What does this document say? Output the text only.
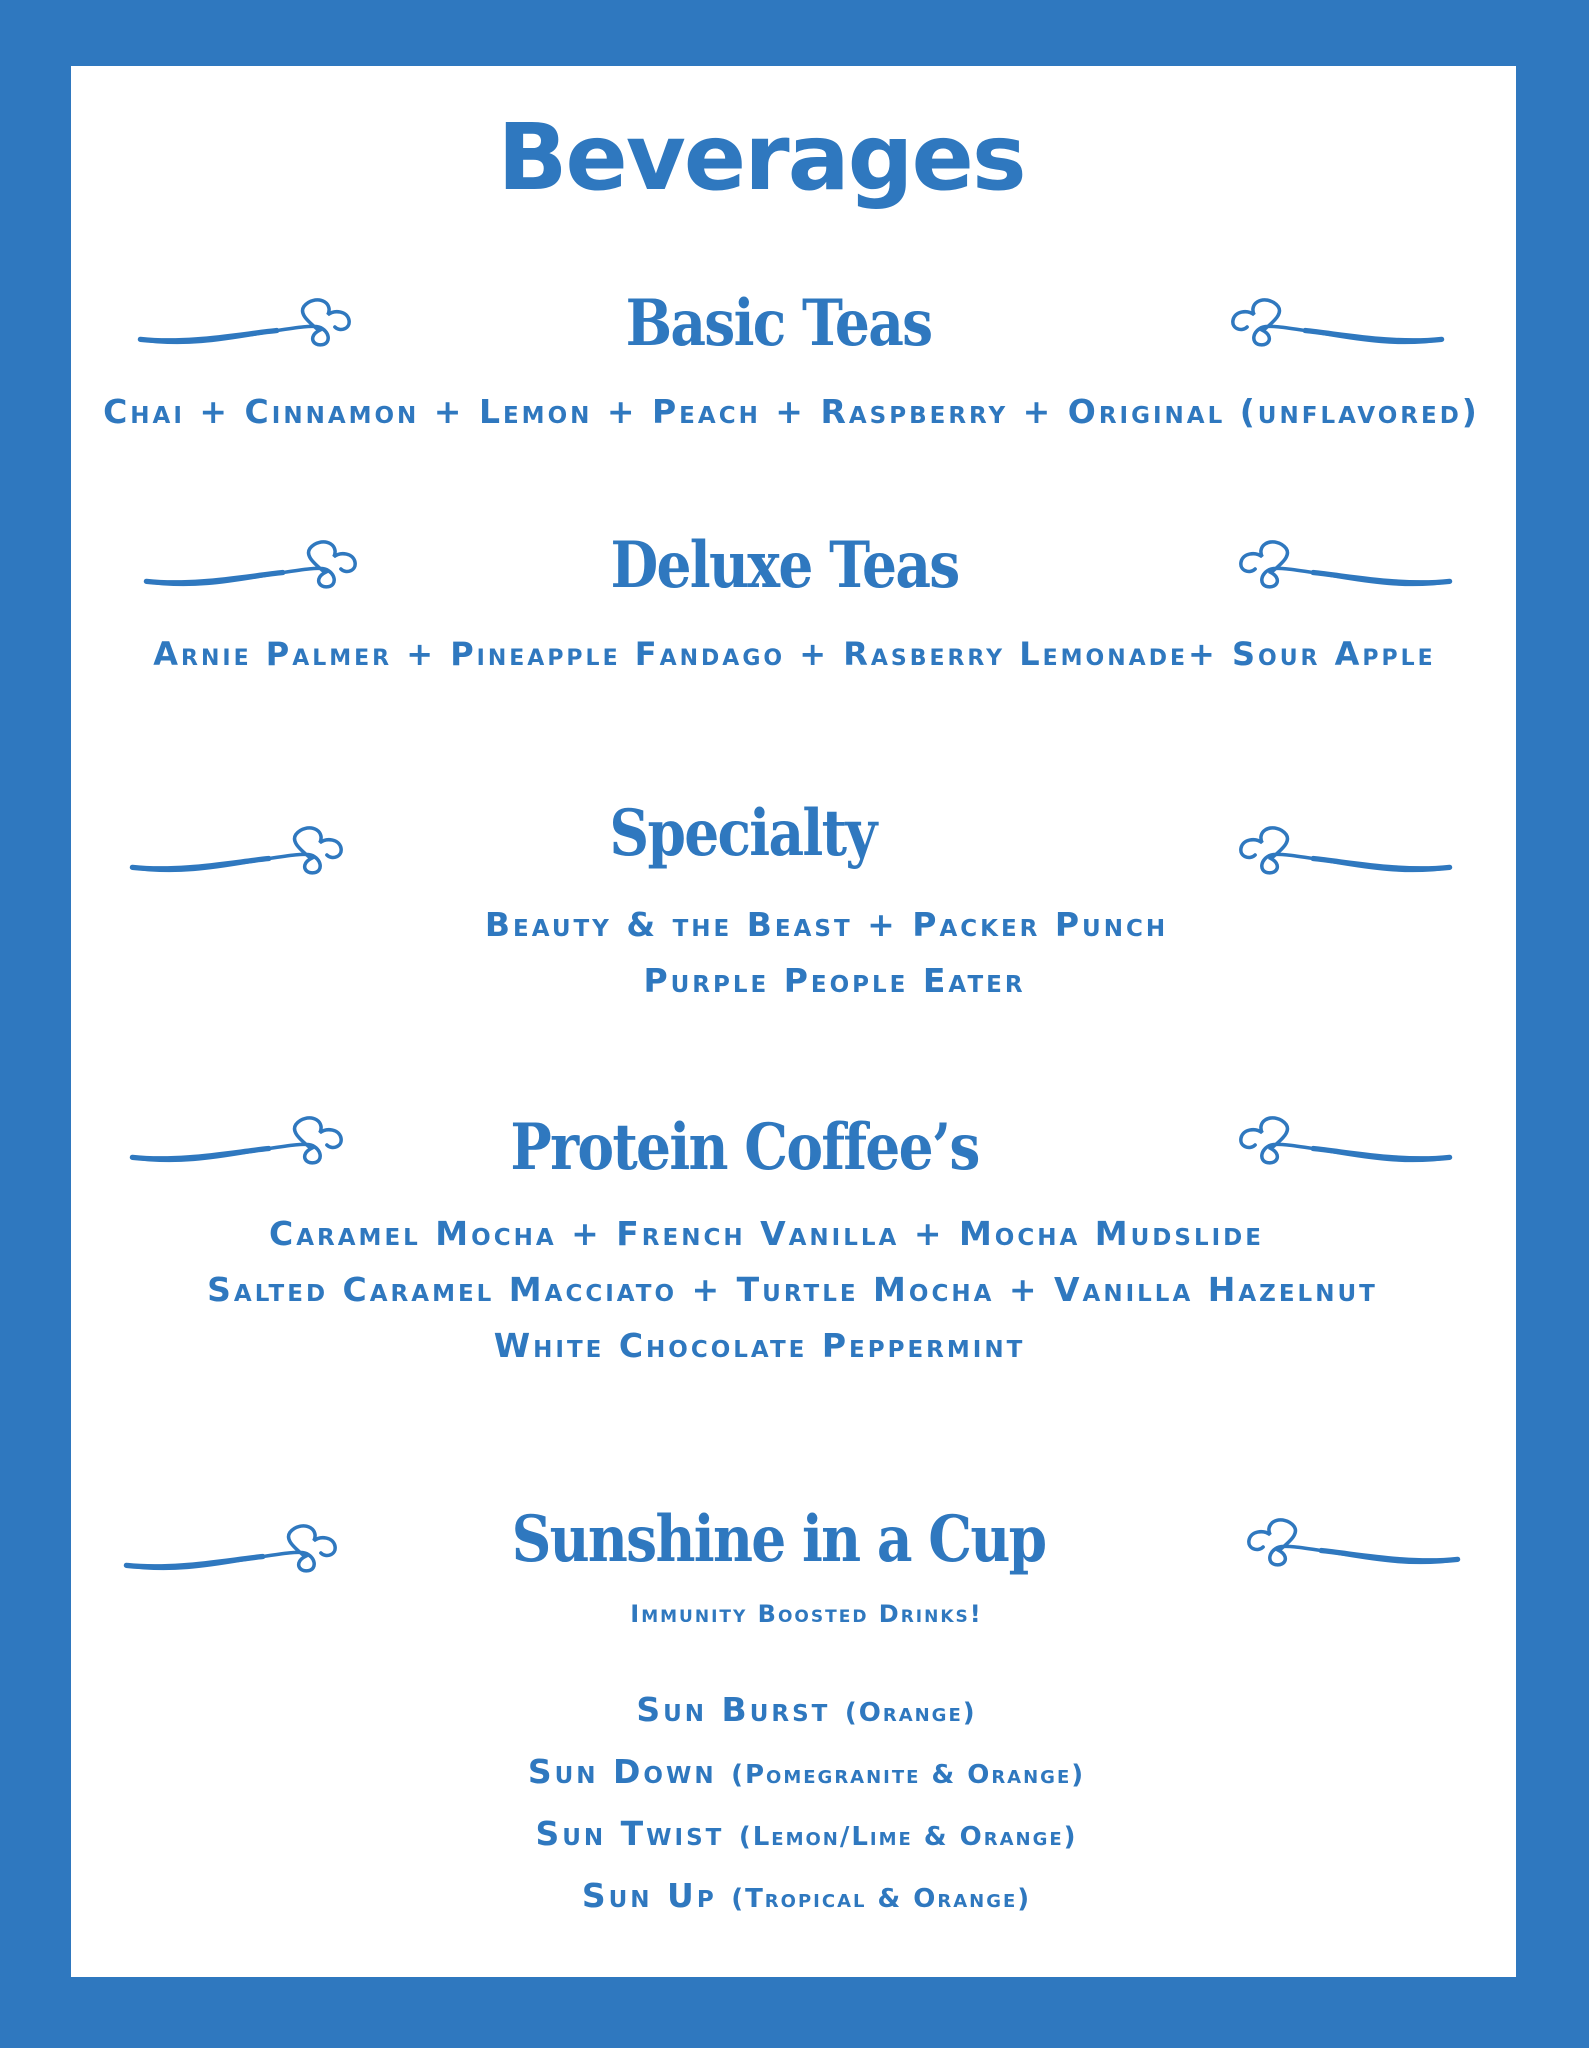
Beverages
Basic Teas
Chai + Cinnamon + Lemon + Peach + Raspberry + Original (unflavored)
Deluxe Teas
Arnie Palmer + Pineapple Fandago + Rasberry Lemonade+ Sour Apple
Specialty
Beauty & the Beast + Packer Punch
Purple People Eater
Protein Coffee’s
Caramel Mocha + French Vanilla + Mocha Mudslide
Salted Caramel Macciato + Turtle Mocha + Vanilla Hazelnut
White Chocolate Peppermint
Sunshine in a Cup
Immunity Boosted Drinks!
Sun Burst (Orange)
Sun Down (Pomegranite & Orange)
Sun Twist (Lemon/Lime & Orange)
Sun Up (Tropical & Orange)
